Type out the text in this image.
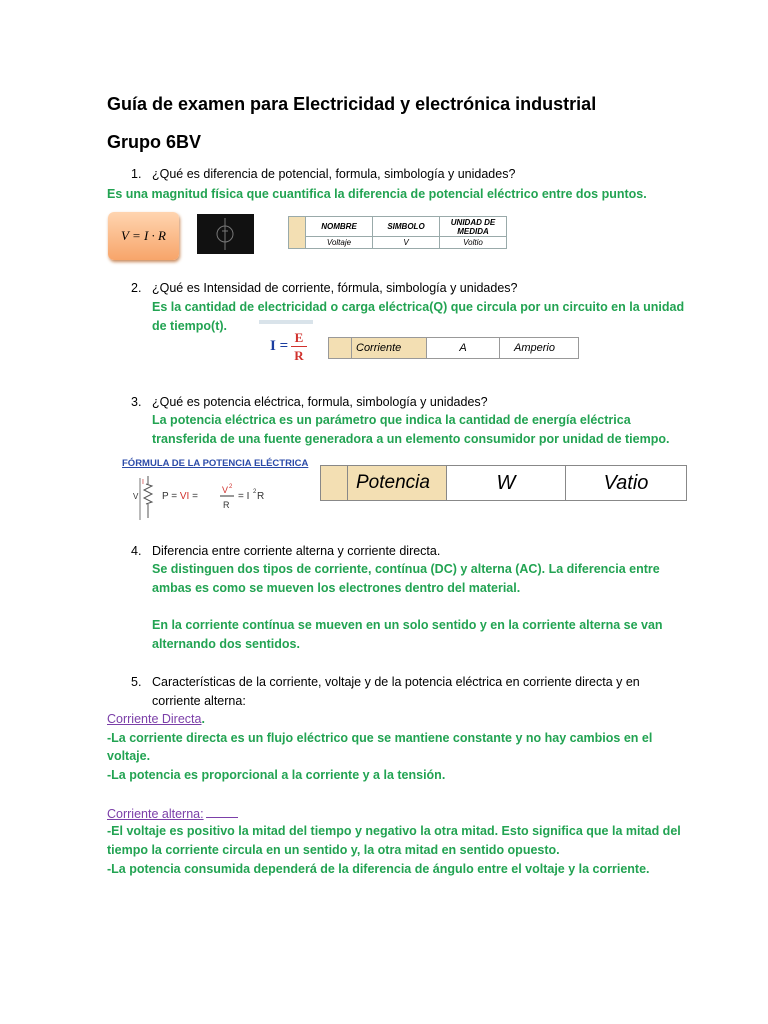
Guía de examen para Electricidad y electrónica industrial
Grupo 6BV
1. ¿Qué es diferencia de potencial, formula, simbología y unidades?
Es una magnitud física que cuantifica la diferencia de potencial eléctrico entre dos puntos.
V = I · R
	NOMBRE	SIMBOLO	UNIDAD DE
MEDIDA
	Voltaje	V	Voltio
2. ¿Qué es Intensidad de corriente, fórmula, simbología y unidades?
Es la cantidad de electricidad o carga eléctrica(Q) que circula por un circuito en la unidad
de tiempo(t).
I =
E
R
		Corriente	A	Amperio
3. ¿Qué es potencia eléctrica, formula, simbología y unidades?
La potencia eléctrica es un parámetro que indica la cantidad de energía eléctrica
transferida de una fuente generadora a un elemento consumidor por unidad de tiempo.
FÓRMULA DE LA POTENCIA ELÉCTRICA
V
I
P = VI =
V 2
R
= I 2 R
	Potencia	W	Vatio
4. Diferencia entre corriente alterna y corriente directa.
Se distinguen dos tipos de corriente, contínua (DC) y alterna (AC). La diferencia entre
ambas es como se mueven los electrones dentro del material.
En la corriente contínua se mueven en un solo sentido y en la corriente alterna se van
alternando dos sentidos.
5. Características de la corriente, voltaje y de la potencia eléctrica en corriente directa y en
corriente alterna:
Corriente Directa.
-La corriente directa es un flujo eléctrico que se mantiene constante y no hay cambios en el
voltaje.
-La potencia es proporcional a la corriente y a la tensión.
Corriente alterna:
-El voltaje es positivo la mitad del tiempo y negativo la otra mitad. Esto significa que la mitad del
tiempo la corriente circula en un sentido y, la otra mitad en sentido opuesto.
-La potencia consumida dependerá de la diferencia de ángulo entre el voltaje y la corriente.
